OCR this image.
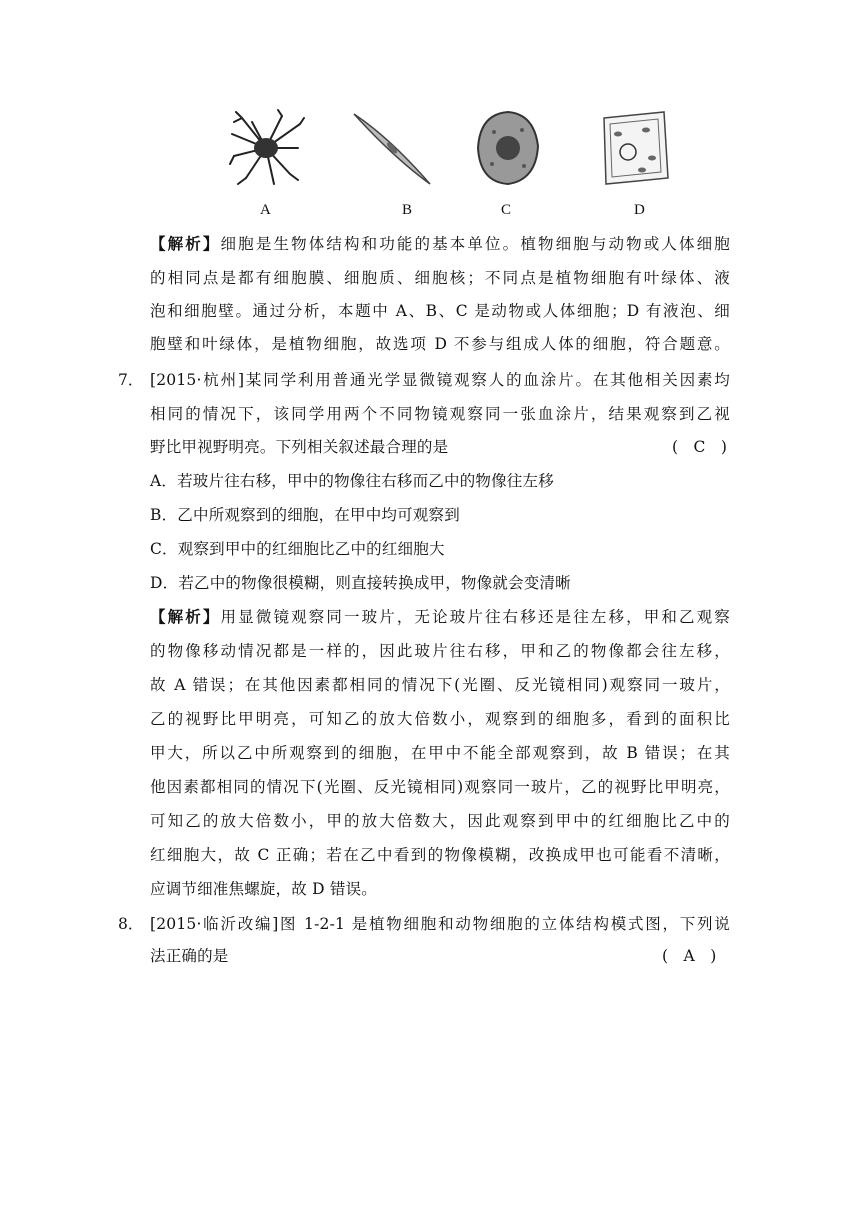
A	B	C	D
【解析】细胞是生物体结构和功能的基本单位。植物细胞与动物或人体细胞
的相同点是都有细胞膜、细胞质、细胞核；不同点是植物细胞有叶绿体、液
泡和细胞壁。通过分析，本题中 A、B、C 是动物或人体细胞；D 有液泡、细
胞壁和叶绿体，是植物细胞，故选项 D 不参与组成人体的细胞，符合题意。
7． [2015·杭州]某同学利用普通光学显微镜观察人的血涂片。在其他相关因素均
相同的情况下，该同学用两个不同物镜观察同一张血涂片，结果观察到乙视
野比甲视野明亮。下列相关叙述最合理的是	(　C　)
A．若玻片往右移，甲中的物像往右移而乙中的物像往左移
B．乙中所观察到的细胞，在甲中均可观察到
C．观察到甲中的红细胞比乙中的红细胞大
D．若乙中的物像很模糊，则直接转换成甲，物像就会变清晰
【解析】用显微镜观察同一玻片，无论玻片往右移还是往左移，甲和乙观察
的物像移动情况都是一样的，因此玻片往右移，甲和乙的物像都会往左移，
故 A 错误；在其他因素都相同的情况下(光圈、反光镜相同)观察同一玻片，
乙的视野比甲明亮，可知乙的放大倍数小，观察到的细胞多，看到的面积比
甲大，所以乙中所观察到的细胞，在甲中不能全部观察到，故 B 错误；在其
他因素都相同的情况下(光圈、反光镜相同)观察同一玻片，乙的视野比甲明亮，
可知乙的放大倍数小，甲的放大倍数大，因此观察到甲中的红细胞比乙中的
红细胞大，故 C 正确；若在乙中看到的物像模糊，改换成甲也可能看不清晰，
应调节细准焦螺旋，故 D 错误。
8． [2015·临沂改编]图 1-2-1 是植物细胞和动物细胞的立体结构模式图，下列说
法正确的是	(　A　)
